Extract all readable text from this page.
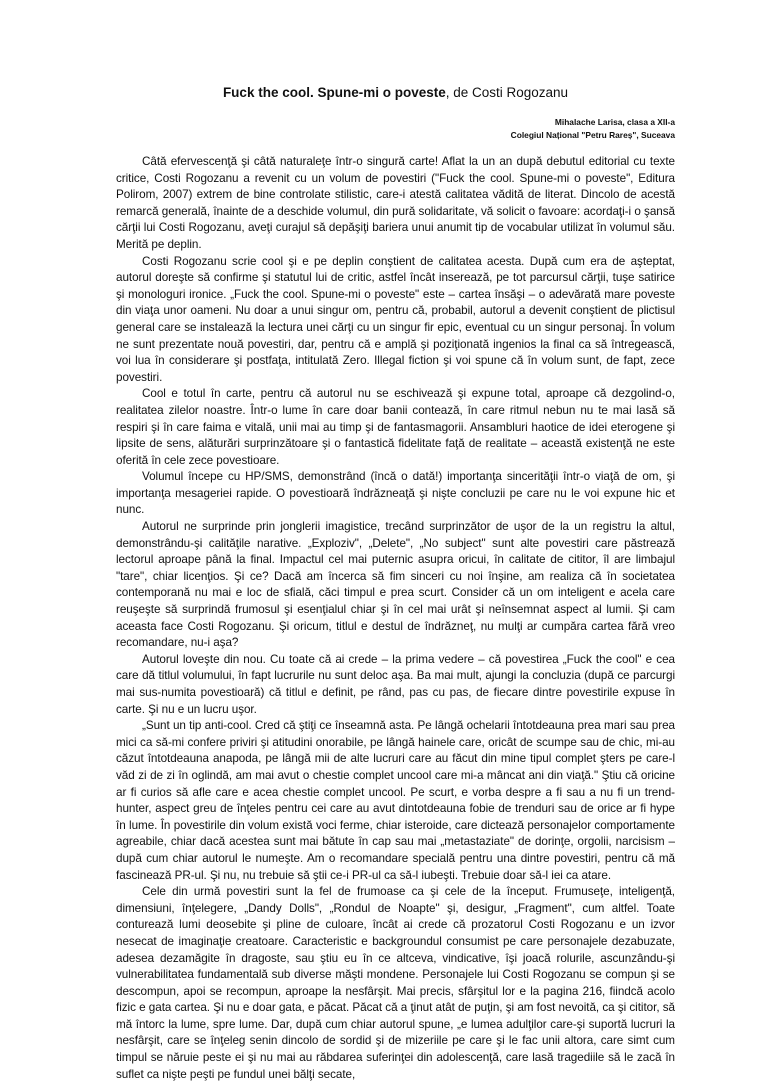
Fuck the cool. Spune-mi o poveste, de Costi Rogozanu
Mihalache Larisa, clasa a XII-a
Colegiul Național "Petru Rareș", Suceava

Câtă efervescenţă şi câtă naturaleţe într-o singură carte! Aflat la un an după debutul editorial cu texte critice, Costi Rogozanu a revenit cu un volum de povestiri ("Fuck the cool. Spune-mi o poveste", Editura Polirom, 2007) extrem de bine controlate stilistic, care-i atestă calitatea vădită de literat. Dincolo de acestă remarcă generală, înainte de a deschide volumul, din pură solidaritate, vă solicit o favoare: acordaţi-i o şansă cărţii lui Costi Rogozanu, aveţi curajul să depăşiţi bariera unui anumit tip de vocabular utilizat în volumul său. Merită pe deplin.

Costi Rogozanu scrie cool şi e pe deplin conştient de calitatea acesta. După cum era de aşteptat, autorul doreşte să confirme şi statutul lui de critic, astfel încât inserează, pe tot parcursul cărţii, tuşe satirice şi monologuri ironice. „Fuck the cool. Spune-mi o poveste" este – cartea însăşi – o adevărată mare poveste din viaţa unor oameni. Nu doar a unui singur om, pentru că, probabil, autorul a devenit conştient de plictisul general care se instalează la lectura unei cărţi cu un singur fir epic, eventual cu un singur personaj. În volum ne sunt prezentate nouă povestiri, dar, pentru că e amplă şi poziţionată ingenios la final ca să întregească, voi lua în considerare şi postfaţa, intitulată Zero. Illegal fiction şi voi spune că în volum sunt, de fapt, zece povestiri.

Cool e totul în carte, pentru că autorul nu se eschivează şi expune total, aproape că dezgolind-o, realitatea zilelor noastre. Într-o lume în care doar banii contează, în care ritmul nebun nu te mai lasă să respiri şi în care faima e vitală, unii mai au timp şi de fantasmagorii. Ansambluri haotice de idei eterogene şi lipsite de sens, alăturări surprinzătoare şi o fantastică fidelitate faţă de realitate – această existenţă ne este oferită în cele zece povestioare.

Volumul începe cu HP/SMS, demonstrând (încă o dată!) importanţa sincerităţii într-o viaţă de om, şi importanţa mesageriei rapide. O povestioară îndrăzneaţă şi nişte concluzii pe care nu le voi expune hic et nunc.

Autorul ne surprinde prin jonglerii imagistice, trecând surprinzător de uşor de la un registru la altul, demonstrându-şi calităţile narative. „Exploziv", „Delete", „No subject" sunt alte povestiri care păstrează lectorul aproape până la final. Impactul cel mai puternic asupra oricui, în calitate de cititor, îl are limbajul "tare", chiar licenţios. Şi ce? Dacă am încerca să fim sinceri cu noi înşine, am realiza că în societatea contemporană nu mai e loc de sfială, căci timpul e prea scurt. Consider că un om inteligent e acela care reuşeşte să surprindă frumosul şi esenţialul chiar şi în cel mai urât şi neînsemnat aspect al lumii. Şi cam aceasta face Costi Rogozanu. Şi oricum, titlul e destul de îndrăzneţ, nu mulţi ar cumpăra cartea fără vreo recomandare, nu-i aşa?

Autorul loveşte din nou. Cu toate că ai crede – la prima vedere – că povestirea „Fuck the cool" e cea care dă titlul volumului, în fapt lucrurile nu sunt deloc aşa. Ba mai mult, ajungi la concluzia (după ce parcurgi mai sus-numita povestioară) că titlul e definit, pe rând, pas cu pas, de fiecare dintre povestirile expuse în carte. Şi nu e un lucru uşor.

„Sunt un tip anti-cool. Cred că ştiţi ce înseamnă asta. Pe lângă ochelarii întotdeauna prea mari sau prea mici ca să-mi confere priviri şi atitudini onorabile, pe lângă hainele care, oricât de scumpe sau de chic, mi-au căzut întotdeauna anapoda, pe lângă mii de alte lucruri care au făcut din mine tipul complet şters pe care-l văd zi de zi în oglindă, am mai avut o chestie complet uncool care mi-a mâncat ani din viaţă." Ştiu că oricine ar fi curios să afle care e acea chestie complet uncool. Pe scurt, e vorba despre a fi sau a nu fi un trend-hunter, aspect greu de înţeles pentru cei care au avut dintotdeauna fobie de trenduri sau de orice ar fi hype în lume. În povestirile din volum există voci ferme, chiar isteroide, care dictează personajelor comportamente agreabile, chiar dacă acestea sunt mai bătute în cap sau mai „metastaziate" de dorinţe, orgolii, narcisism – după cum chiar autorul le numeşte. Am o recomandare specială pentru una dintre povestiri, pentru că mă fascinează PR-ul. Şi nu, nu trebuie să ştii ce-i PR-ul ca să-l iubeşti. Trebuie doar să-l iei ca atare.

Cele din urmă povestiri sunt la fel de frumoase ca şi cele de la început. Frumuseţe, inteligenţă, dimensiuni, înţelegere, „Dandy Dolls", „Rondul de Noapte" şi, desigur, „Fragment", cum altfel. Toate conturează lumi deosebite şi pline de culoare, încât ai crede că prozatorul Costi Rogozanu e un izvor nesecat de imaginaţie creatoare. Caracteristic e backgroundul consumist pe care personajele dezabuzate, adesea dezamăgite în dragoste, sau ştiu eu în ce altceva, vindicative, îşi joacă rolurile, ascunzându-şi vulnerabilitatea fundamentală sub diverse măşti mondene. Personajele lui Costi Rogozanu se compun şi se descompun, apoi se recompun, aproape la nesfârşit. Mai precis, sfârşitul lor e la pagina 216, fiindcă acolo fizic e gata cartea. Şi nu e doar gata, e păcat. Păcat că a ţinut atât de puţin, şi am fost nevoită, ca şi cititor, să mă întorc la lume, spre lume. Dar, după cum chiar autorul spune, „e lumea adulţilor care-şi suportă lucruri la nesfârşit, care se înţeleg senin dincolo de sordid şi de mizeriile pe care şi le fac unii altora, care simt cum timpul se năruie peste ei şi nu mai au răbdarea suferinţei din adolescenţă, care lasă tragediile să le zacă în suflet ca nişte peşti pe fundul unei bălţi secate,
